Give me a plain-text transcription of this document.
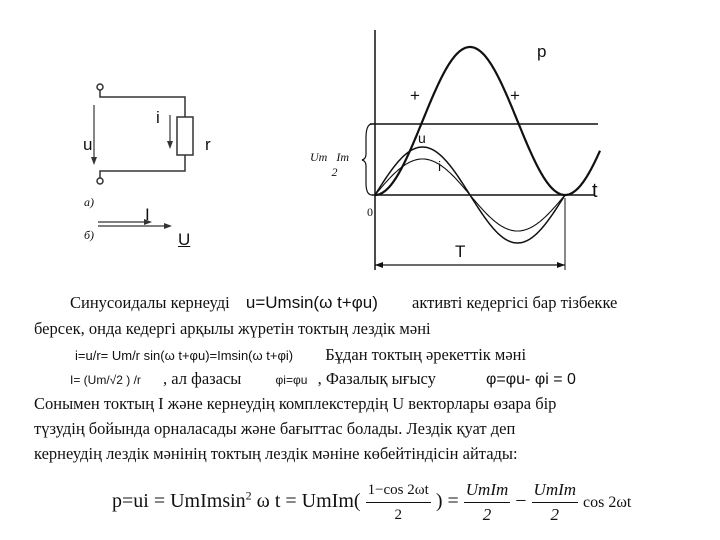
u
i
r
а)
б)
I
U
p
+	+
u
i
t
T
0
Um Im
2
Синусоидалы кернеуді u=Umsin(ω t+φu) активті кедергісі бар тізбекке
берсек, онда кедергі арқылы жүретін токтың лездік мәні
i=u/r= Um/r sin(ω t+φu)=Imsin(ω t+φi) Бұдан токтың әрекеттік мәні
I= (Um/√2 ) /r , ал фазасы	φi=φu , Фазалық ығысу	φ=φu- φi = 0
Сонымен токтың І және кернеудің комплекстердің U векторлары өзара бір
түзудің бойында орналасады және бағыттас болады. Лездік қуат деп
кернеудің лездік мәнінің токтың лездік мәніне көбейтіндісін айтады:
p=ui = UmImsin$^2$ ω t = UmIm( $\frac{1-\cos 2\omega t}{2}$ ) = $\frac{\text{UmIm}}{2} - \frac{\text{UmIm}}{2}$ cos 2ωt
